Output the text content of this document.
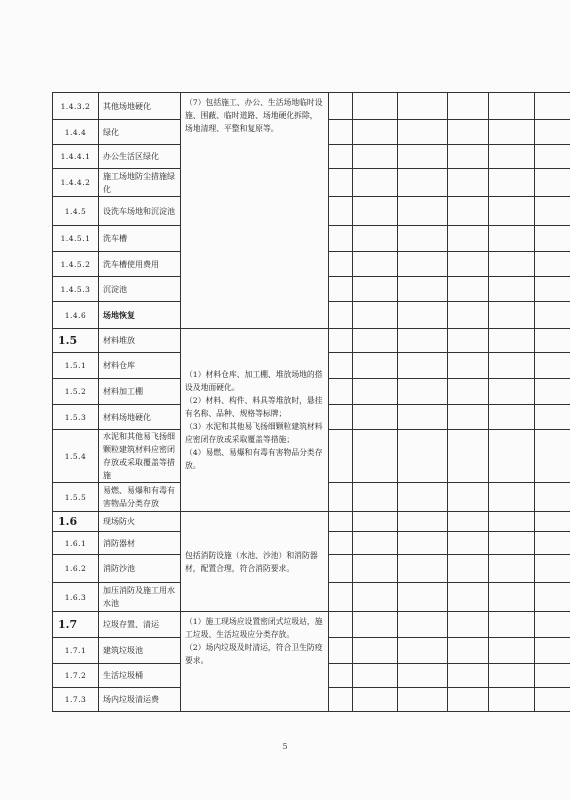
1.4.3.2	其他场地硬化	（7）包括施工、办公、生活场地临时设施、围蔽、临时道路、场地硬化拆除，场地清理、平整和复原等。						

1.4.4	绿化							
1.4.4.1	办公生活区绿化							
1.4.4.2	施工场地防尘措施绿化							
1.4.5	设洗车场地和沉淀池							
1.4.5.1	洗车槽							
1.4.5.2	洗车槽使用费用							
1.4.5.3	沉淀池							
1.4.6	场地恢复							
1.5	材料堆放	（1）材料仓库、加工棚、堆放场地的搭设及地面硬化。

（2）材料、构件、料具等堆放时，悬挂有名称、品种、规格等标牌；

（3）水泥和其他易飞扬细颗粒建筑材料应密闭存放或采取覆盖等措施；

（4）易燃、易爆和有毒有害物品分类存放。						

1.5.1	材料仓库							
1.5.2	材料加工棚							
1.5.3	材料场地硬化							
1.5.4	水泥和其他易飞扬细颗粒建筑材料应密闭存放或采取覆盖等措施							
1.5.5	易燃、易爆和有毒有害物品分类存放							
1.6	现场防火	包括消防设施（水池、沙池）和消防器材，配置合理，符合消防要求。						

1.6.1	消防器材							
1.6.2	消防沙池							
1.6.3	加压消防及施工用水水池							
1.7	垃圾存置、清运	（1）施工现场应设置密闭式垃圾站，施工垃圾、生活垃圾应分类存放。

（2）场内垃圾及时清运，符合卫生防疫要求。						

1.7.1	建筑垃圾池							
1.7.2	生活垃圾桶							
1.7.3	场内垃圾清运费							
5
